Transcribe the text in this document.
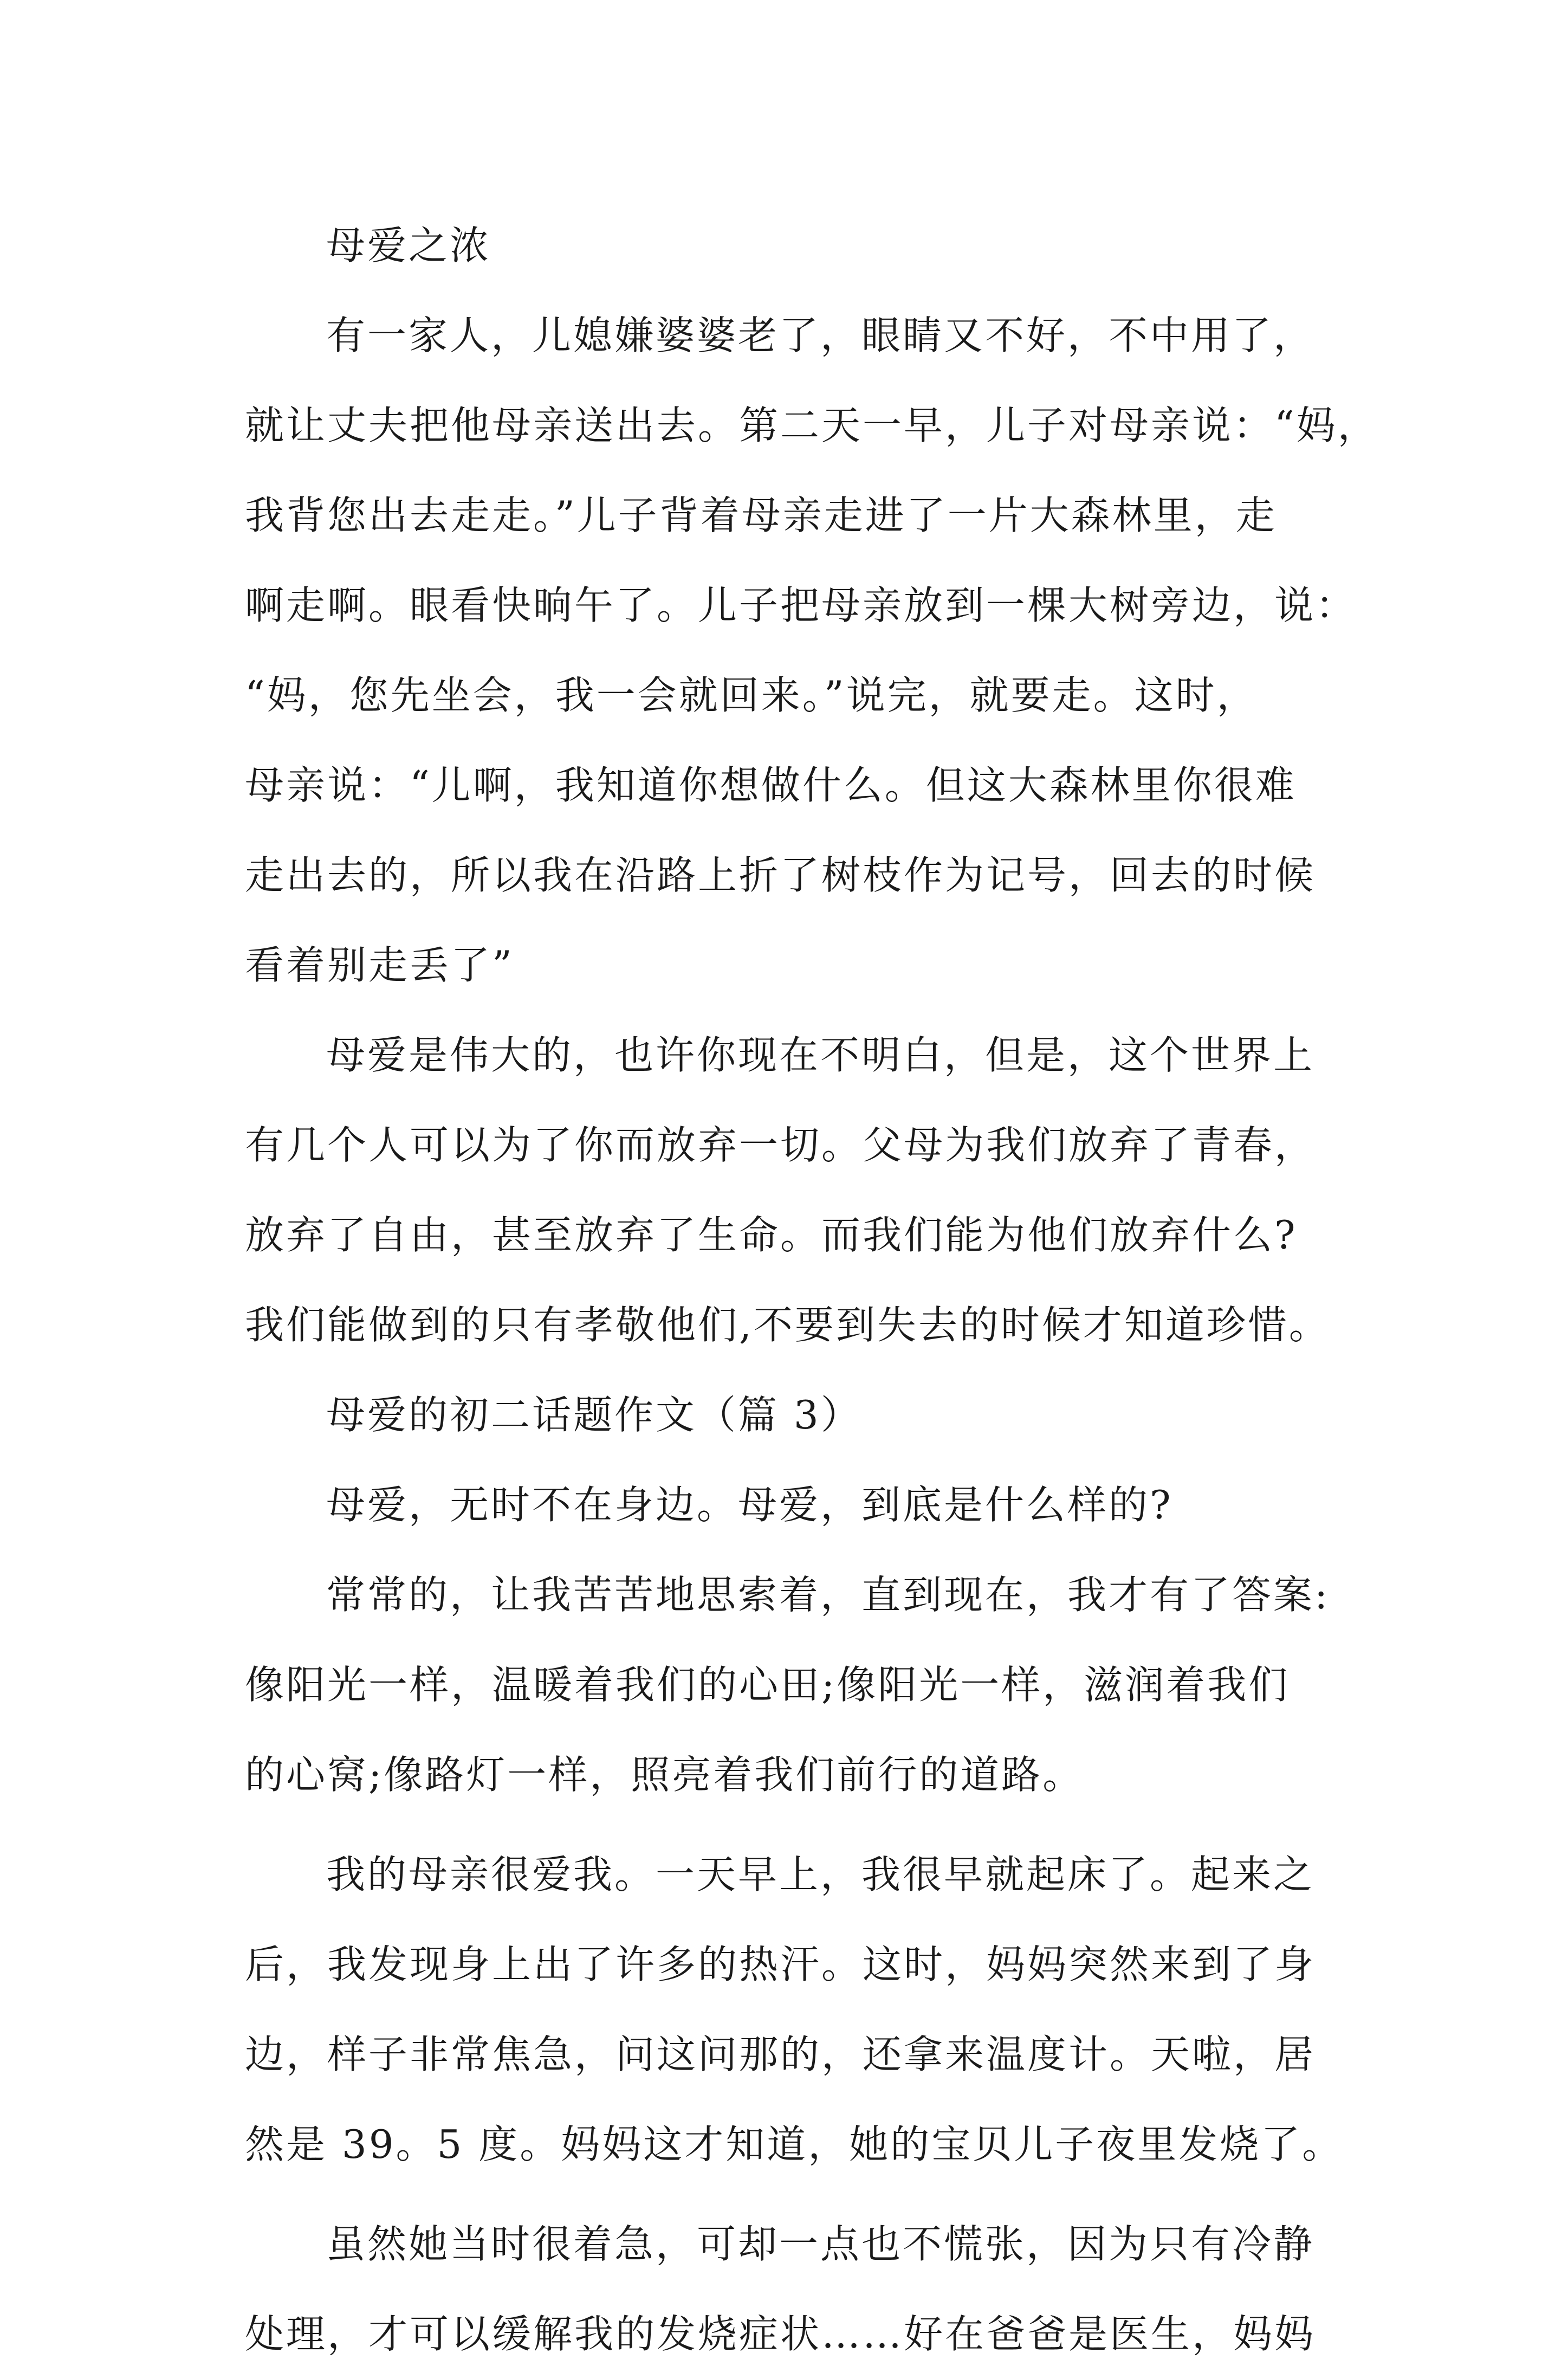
母爱之浓
有一家人，儿媳嫌婆婆老了，眼睛又不好，不中用了，
就让丈夫把他母亲送出去。第二天一早，儿子对母亲说：“妈，
我背您出去走走。”儿子背着母亲走进了一片大森林里，走
啊走啊。眼看快晌午了。儿子把母亲放到一棵大树旁边，说：
“妈，您先坐会，我一会就回来。”说完，就要走。这时，
母亲说：“儿啊，我知道你想做什么。但这大森林里你很难
走出去的，所以我在沿路上折了树枝作为记号，回去的时候
看着别走丢了”
母爱是伟大的，也许你现在不明白，但是，这个世界上
有几个人可以为了你而放弃一切。父母为我们放弃了青春，
放弃了自由，甚至放弃了生命。而我们能为他们放弃什么?
我们能做到的只有孝敬他们,不要到失去的时候才知道珍惜。
母爱的初二话题作文（篇 3）
母爱，无时不在身边。母爱，到底是什么样的?
常常的，让我苦苦地思索着，直到现在，我才有了答案:
像阳光一样，温暖着我们的心田;像阳光一样，滋润着我们
的心窝;像路灯一样，照亮着我们前行的道路。
我的母亲很爱我。一天早上，我很早就起床了。起来之
后，我发现身上出了许多的热汗。这时，妈妈突然来到了身
边，样子非常焦急，问这问那的，还拿来温度计。天啦，居
然是 39。5 度。妈妈这才知道，她的宝贝儿子夜里发烧了。
虽然她当时很着急，可却一点也不慌张，因为只有冷静
处理，才可以缓解我的发烧症状……好在爸爸是医生，妈妈
